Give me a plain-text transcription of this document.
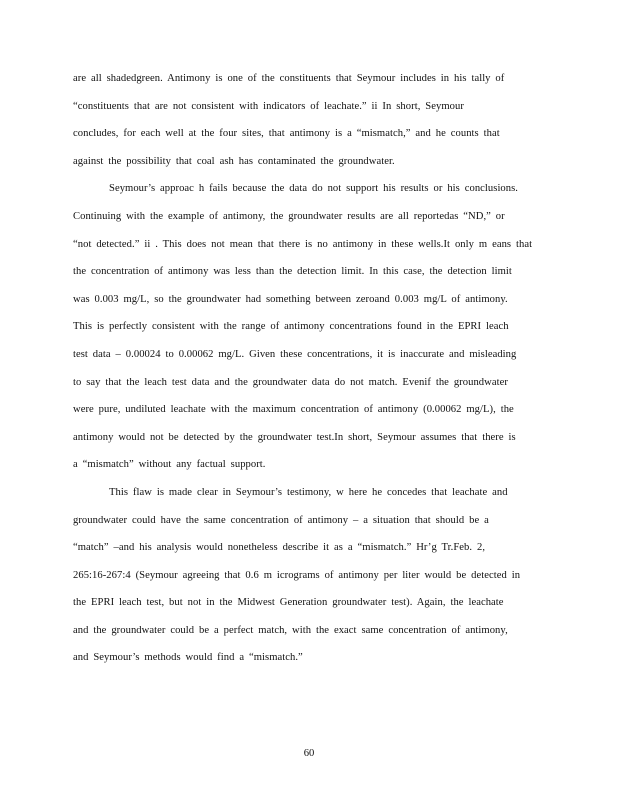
are all shadedgreen. Antimony is one of the constituents that Seymour includes in his tally of
“constituents that are not consistent with indicators of leachate.” ii In short, Seymour
concludes, for each well at the four sites, that antimony is a “mismatch,” and he counts that
against the possibility that coal ash has contaminated the groundwater.
Seymour’s approac h fails because the data do not support his results or his conclusions.
Continuing with the example of antimony, the groundwater results are all reportedas “ND,” or
“not detected.” ii . This does not mean that there is no antimony in these wells.It only m eans that
the concentration of antimony was less than the detection limit. In this case, the detection limit
was 0.003 mg/L, so the groundwater had something between zeroand 0.003 mg/L of antimony.
This is perfectly consistent with the range of antimony concentrations found in the EPRI leach
test data – 0.00024 to 0.00062 mg/L. Given these concentrations, it is inaccurate and misleading
to say that the leach test data and the groundwater data do not match. Evenif the groundwater
were pure, undiluted leachate with the maximum concentration of antimony (0.00062 mg/L), the
antimony would not be detected by the groundwater test.In short, Seymour assumes that there is
a “mismatch” without any factual support.
This flaw is made clear in Seymour’s testimony, w here he concedes that leachate and
groundwater could have the same concentration of antimony – a situation that should be a
“match” –and his analysis would nonetheless describe it as a “mismatch.” Hr’g Tr.Feb. 2,
265:16-267:4 (Seymour agreeing that 0.6 m icrograms of antimony per liter would be detected in
the EPRI leach test, but not in the Midwest Generation groundwater test). Again, the leachate
and the groundwater could be a perfect match, with the exact same concentration of antimony,
and Seymour’s methods would find a “mismatch.”
60
